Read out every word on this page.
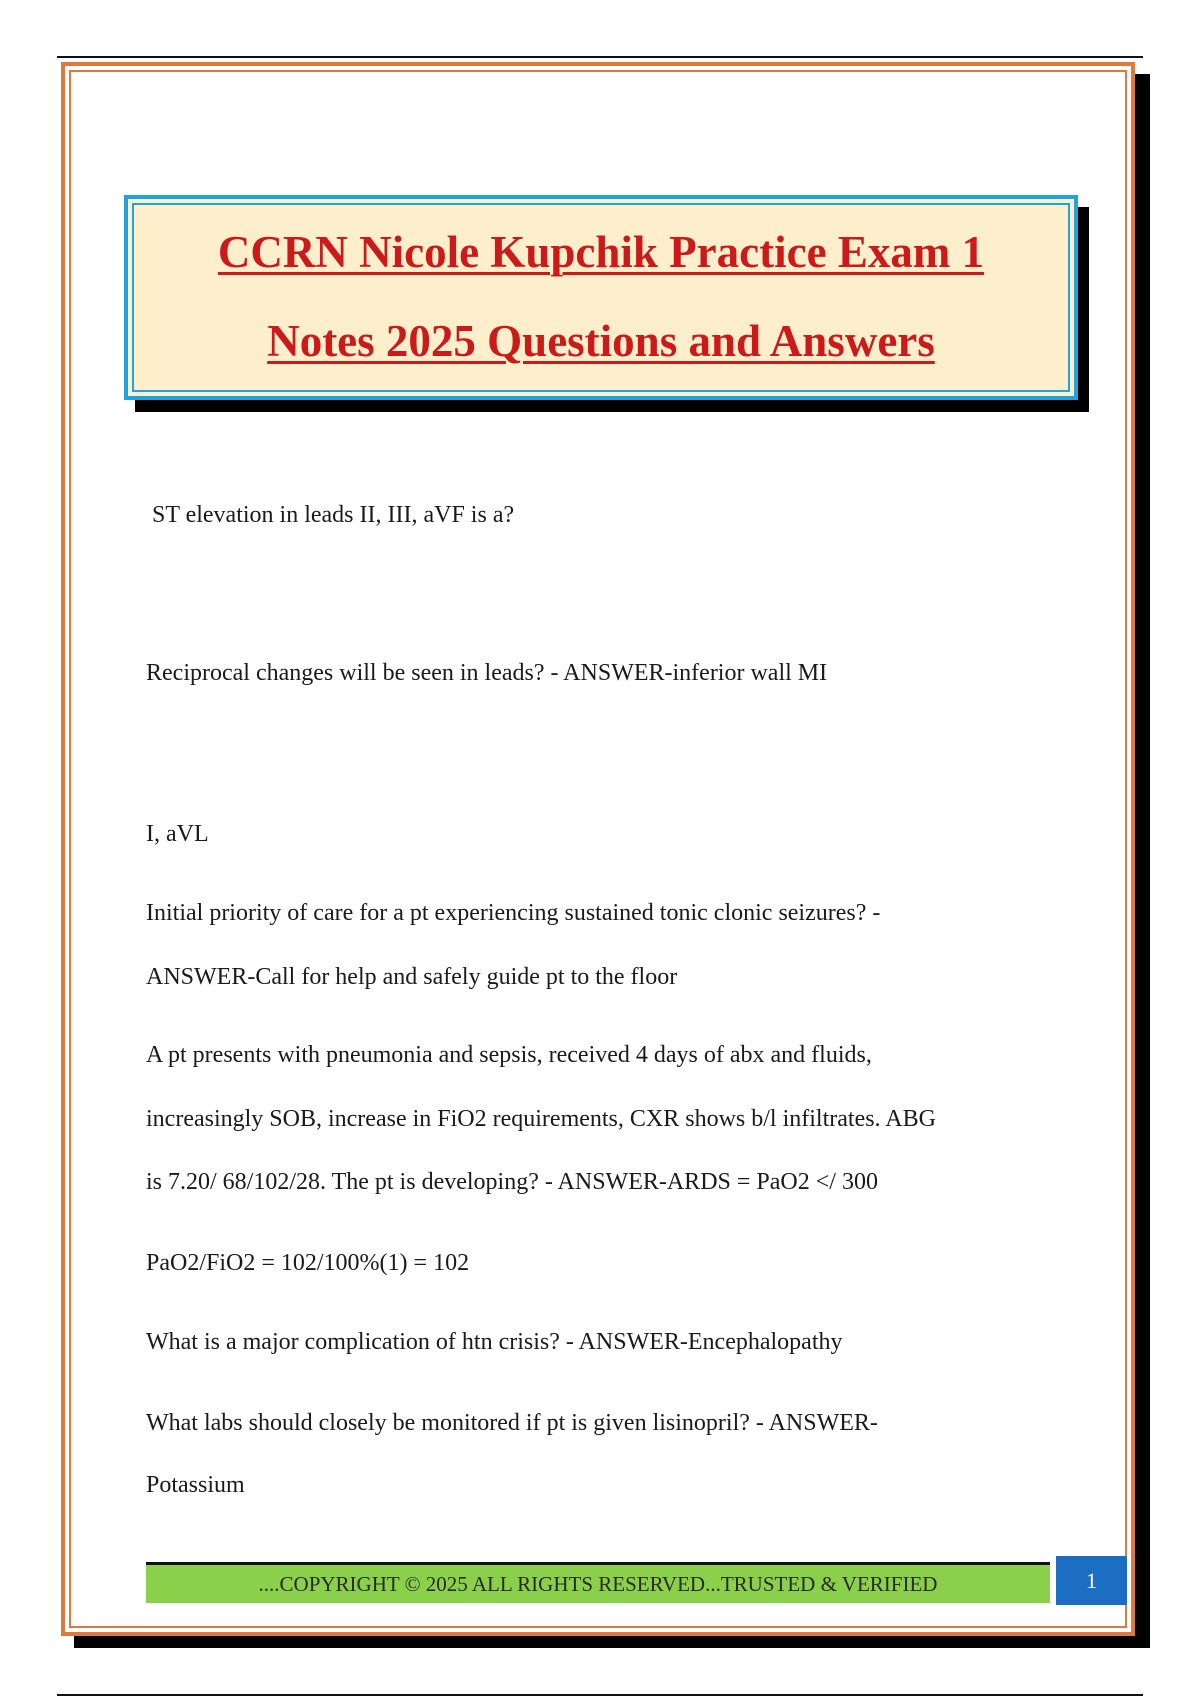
CCRN Nicole Kupchik Practice Exam 1
Notes 2025 Questions and Answers
ST elevation in leads II, III, aVF is a?
Reciprocal changes will be seen in leads? - ANSWER-inferior wall MI
I, aVL
Initial priority of care for a pt experiencing sustained tonic clonic seizures? -
ANSWER-Call for help and safely guide pt to the floor
A pt presents with pneumonia and sepsis, received 4 days of abx and fluids,
increasingly SOB, increase in FiO2 requirements, CXR shows b/l infiltrates. ABG
is 7.20/ 68/102/28. The pt is developing? - ANSWER-ARDS = PaO2 </ 300
PaO2/FiO2 = 102/100%(1) = 102
What is a major complication of htn crisis? - ANSWER-Encephalopathy
What labs should closely be monitored if pt is given lisinopril? - ANSWER-
Potassium
....COPYRIGHT © 2025 ALL RIGHTS RESERVED...TRUSTED & VERIFIED	1
